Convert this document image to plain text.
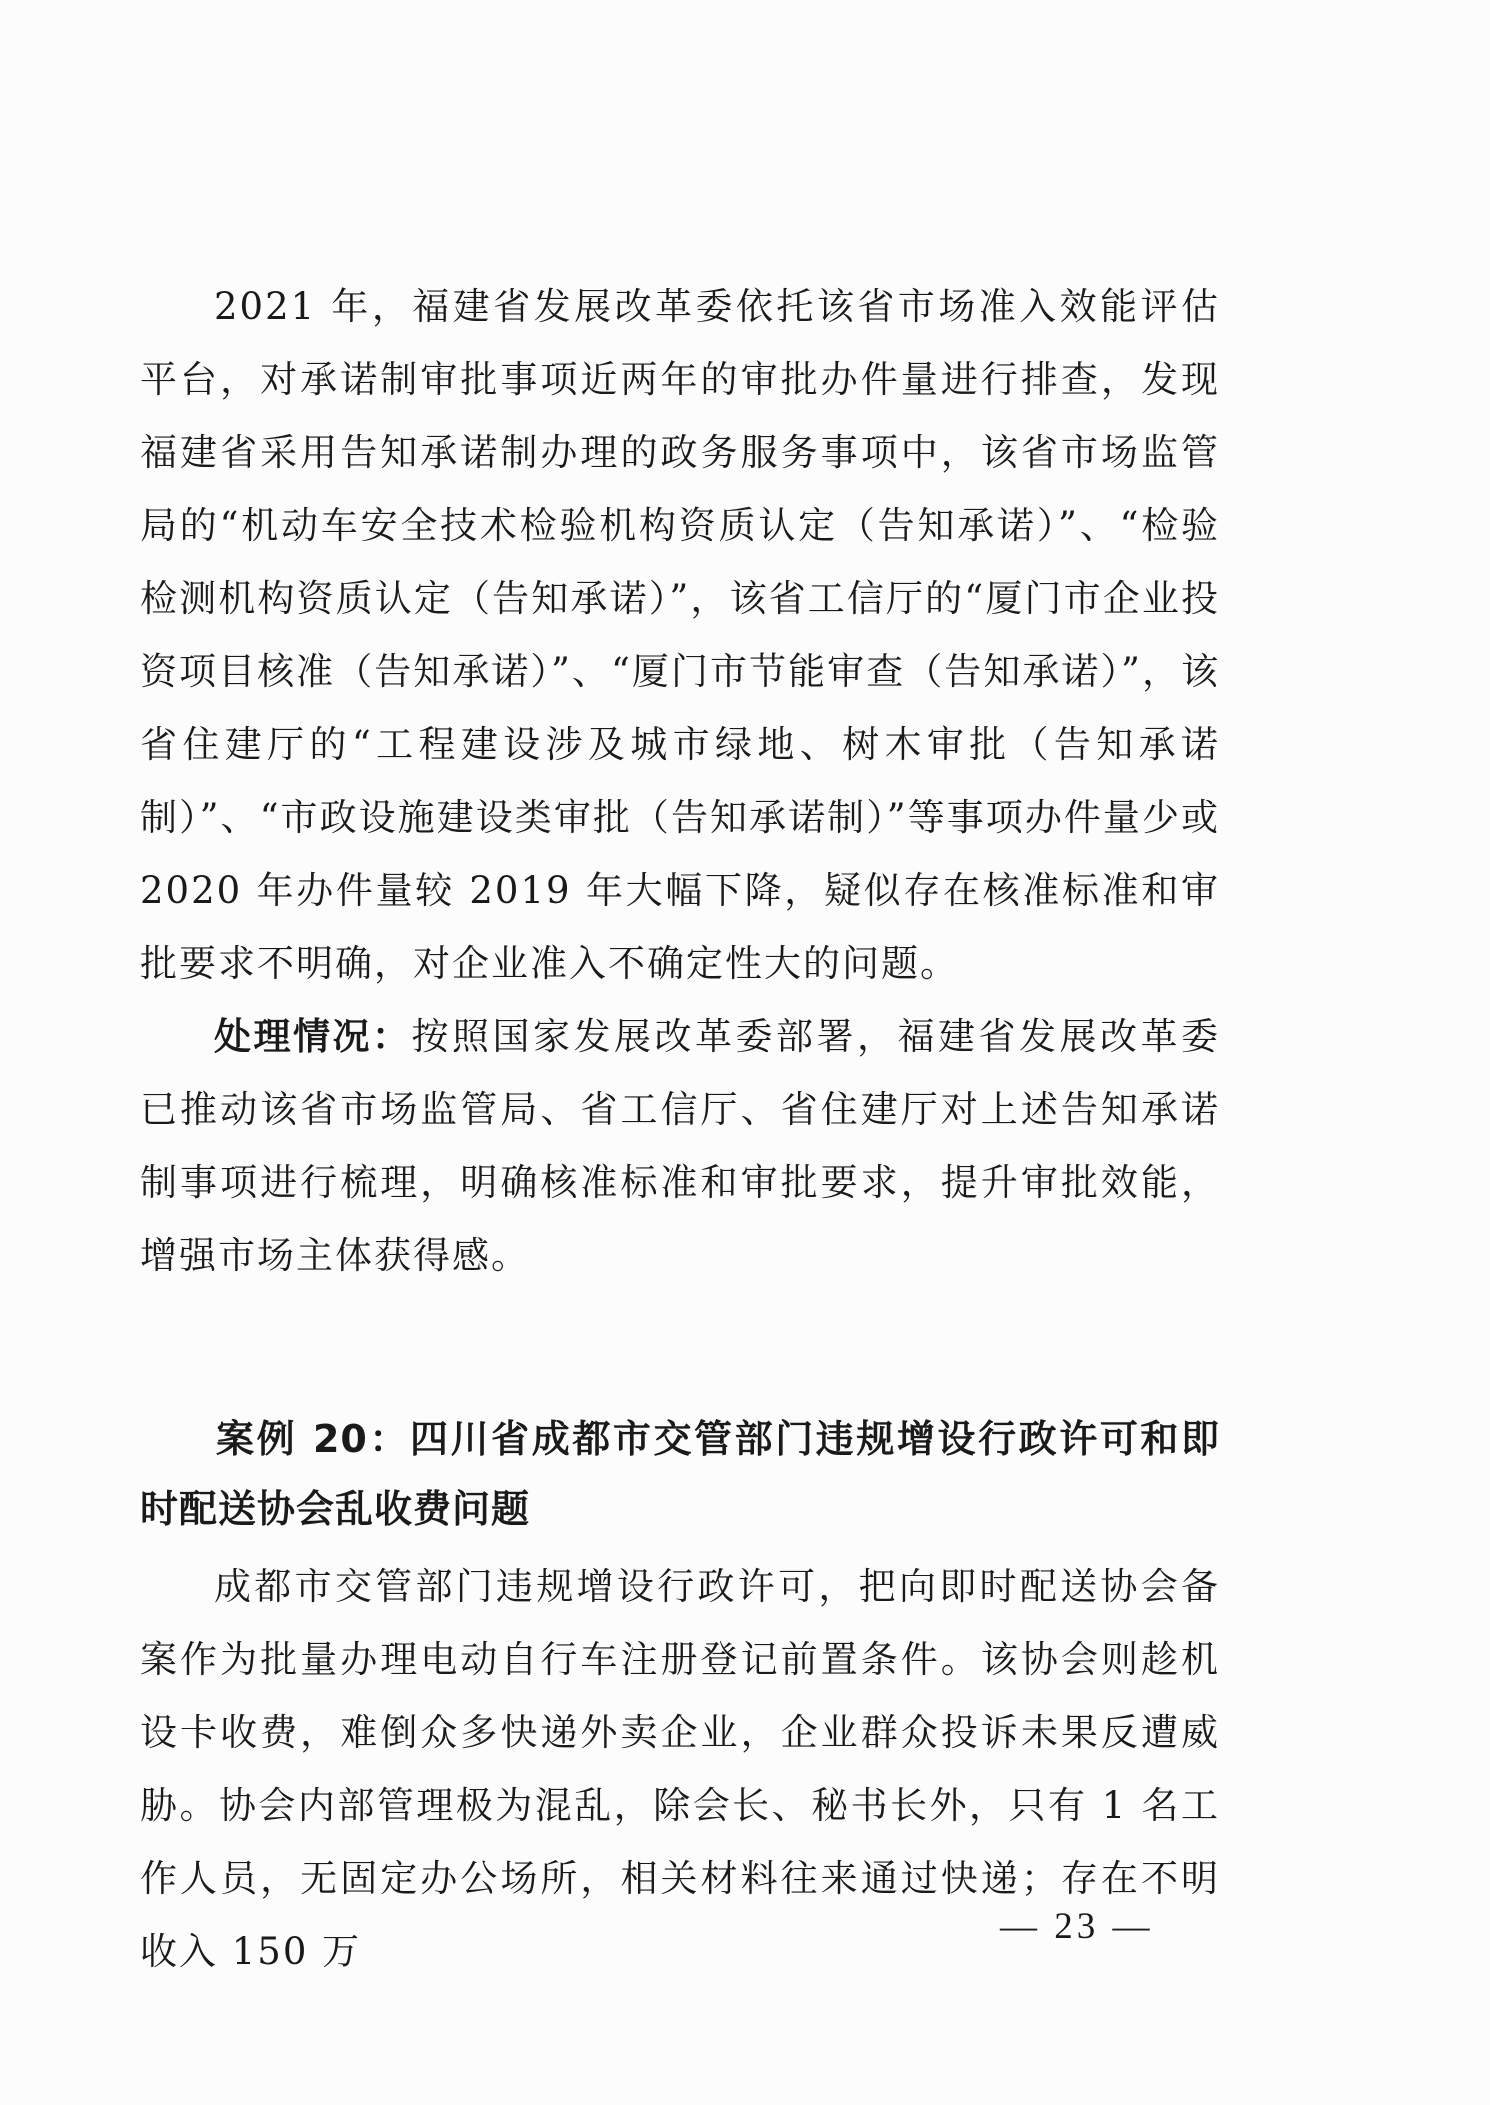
2021 年，福建省发展改革委依托该省市场准入效能评估平台，对承诺制审批事项近两年的审批办件量进行排查，发现福建省采用告知承诺制办理的政务服务事项中，该省市场监管局的“机动车安全技术检验机构资质认定（告知承诺）”、“检验检测机构资质认定（告知承诺）”，该省工信厅的“厦门市企业投资项目核准（告知承诺）”、“厦门市节能审查（告知承诺）”，该省住建厅的“工程建设涉及城市绿地、树木审批（告知承诺制）”、“市政设施建设类审批（告知承诺制）”等事项办件量少或 2020 年办件量较 2019 年大幅下降，疑似存在核准标准和审批要求不明确，对企业准入不确定性大的问题。

处理情况：按照国家发展改革委部署，福建省发展改革委已推动该省市场监管局、省工信厅、省住建厅对上述告知承诺制事项进行梳理，明确核准标准和审批要求，提升审批效能，增强市场主体获得感。

案例 20：四川省成都市交管部门违规增设行政许可和即时配送协会乱收费问题

成都市交管部门违规增设行政许可，把向即时配送协会备案作为批量办理电动自行车注册登记前置条件。该协会则趁机设卡收费，难倒众多快递外卖企业，企业群众投诉未果反遭威胁。协会内部管理极为混乱，除会长、秘书长外，只有 1 名工作人员，无固定办公场所，相关材料往来通过快递；存在不明收入 150 万

— 23 —
